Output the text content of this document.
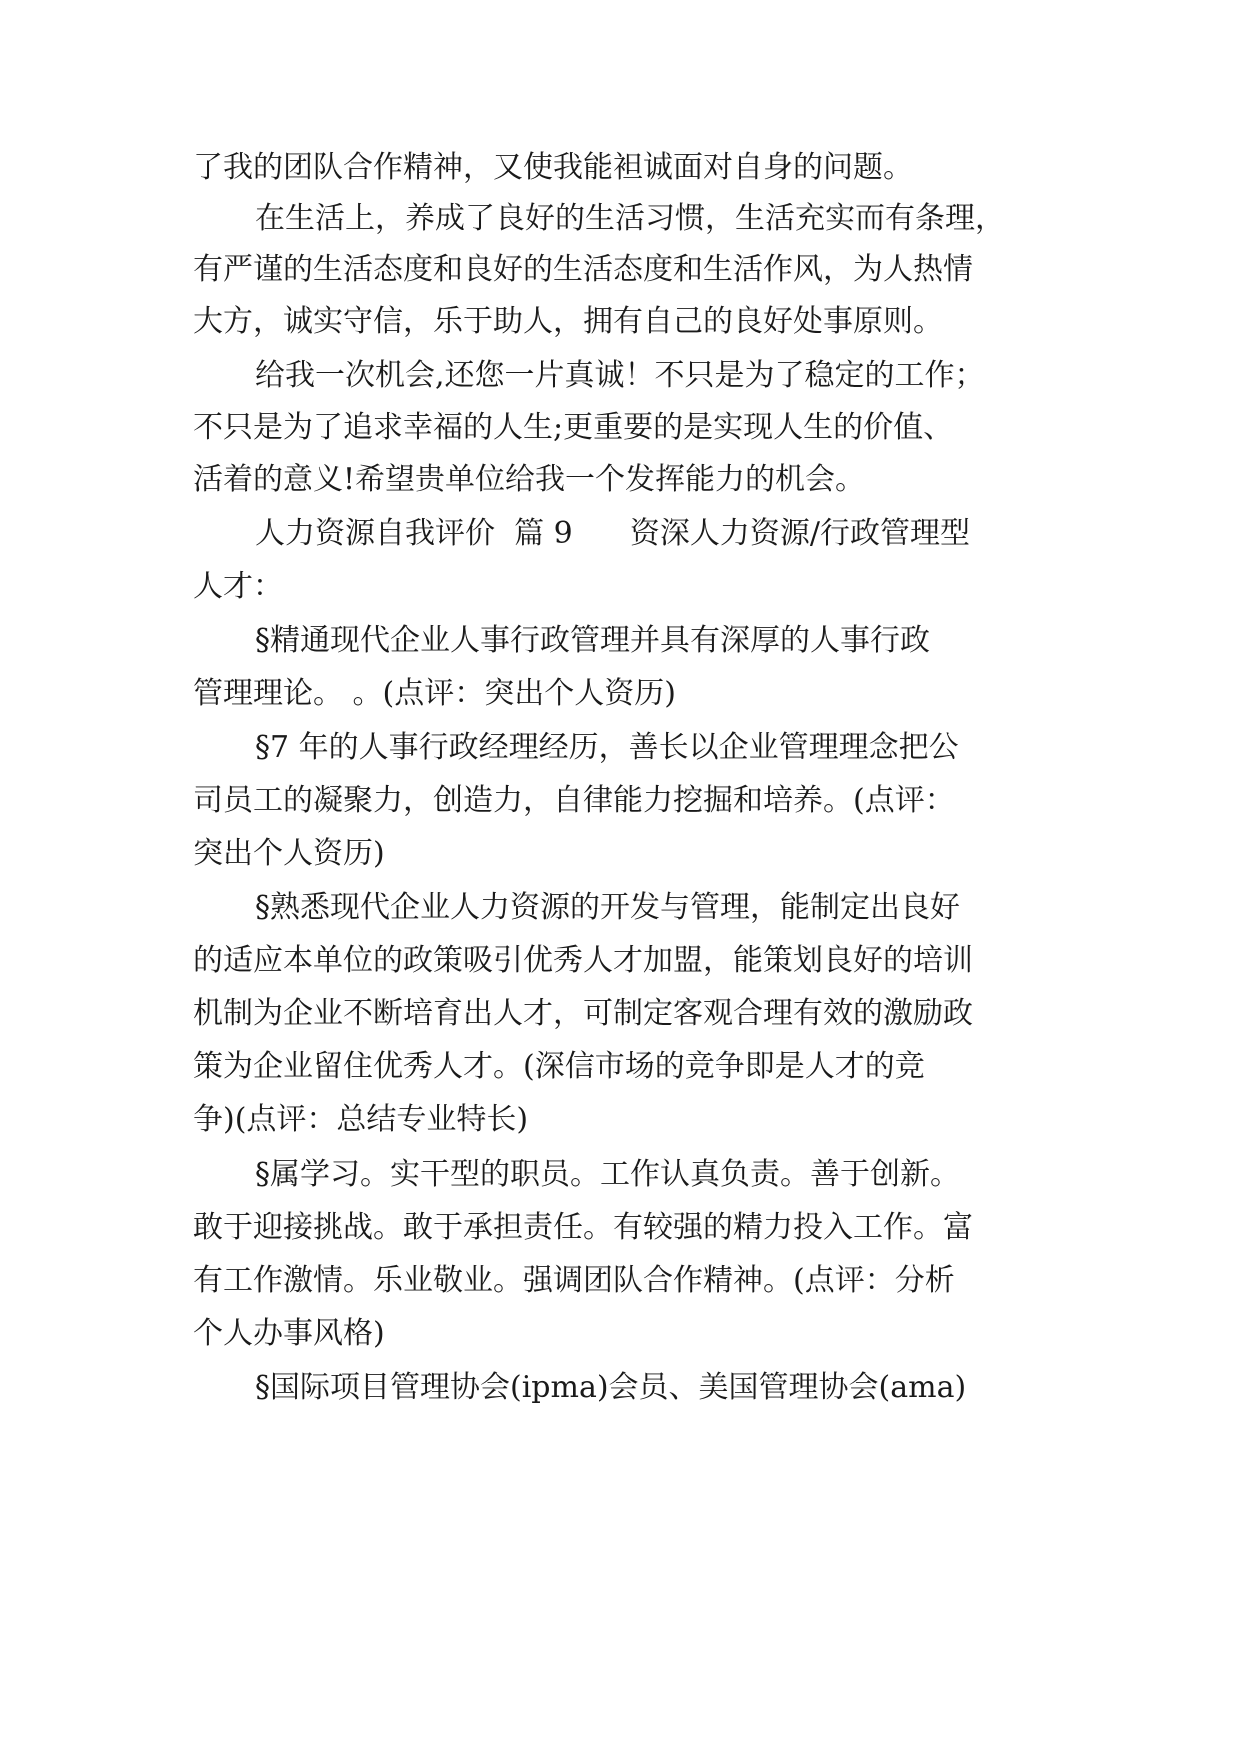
了我的团队合作精神，又使我能袒诚面对自身的问题。

在生活上，养成了良好的生活习惯，生活充实而有条理，

有严谨的生活态度和良好的生活态度和生活作风，为人热情

大方，诚实守信，乐于助人，拥有自己的良好处事原则。

给我一次机会,还您一片真诚！不只是为了稳定的工作；

不只是为了追求幸福的人生;更重要的是实现人生的价值、

活着的意义!希望贵单位给我一个发挥能力的机会。

人力资源自我评价  篇 9      资深人力资源/行政管理型

人才：

§精通现代企业人事行政管理并具有深厚的人事行政

管理理论。 。(点评：突出个人资历)

§7 年的人事行政经理经历，善长以企业管理理念把公

司员工的凝聚力，创造力，自律能力挖掘和培养。(点评：

突出个人资历)

§熟悉现代企业人力资源的开发与管理，能制定出良好

的适应本单位的政策吸引优秀人才加盟，能策划良好的培训

机制为企业不断培育出人才，可制定客观合理有效的激励政

策为企业留住优秀人才。(深信市场的竞争即是人才的竞

争)(点评：总结专业特长)

§属学习。实干型的职员。工作认真负责。善于创新。

敢于迎接挑战。敢于承担责任。有较强的精力投入工作。富

有工作激情。乐业敬业。强调团队合作精神。(点评：分析

个人办事风格)

§国际项目管理协会(ipma)会员、美国管理协会(ama)
